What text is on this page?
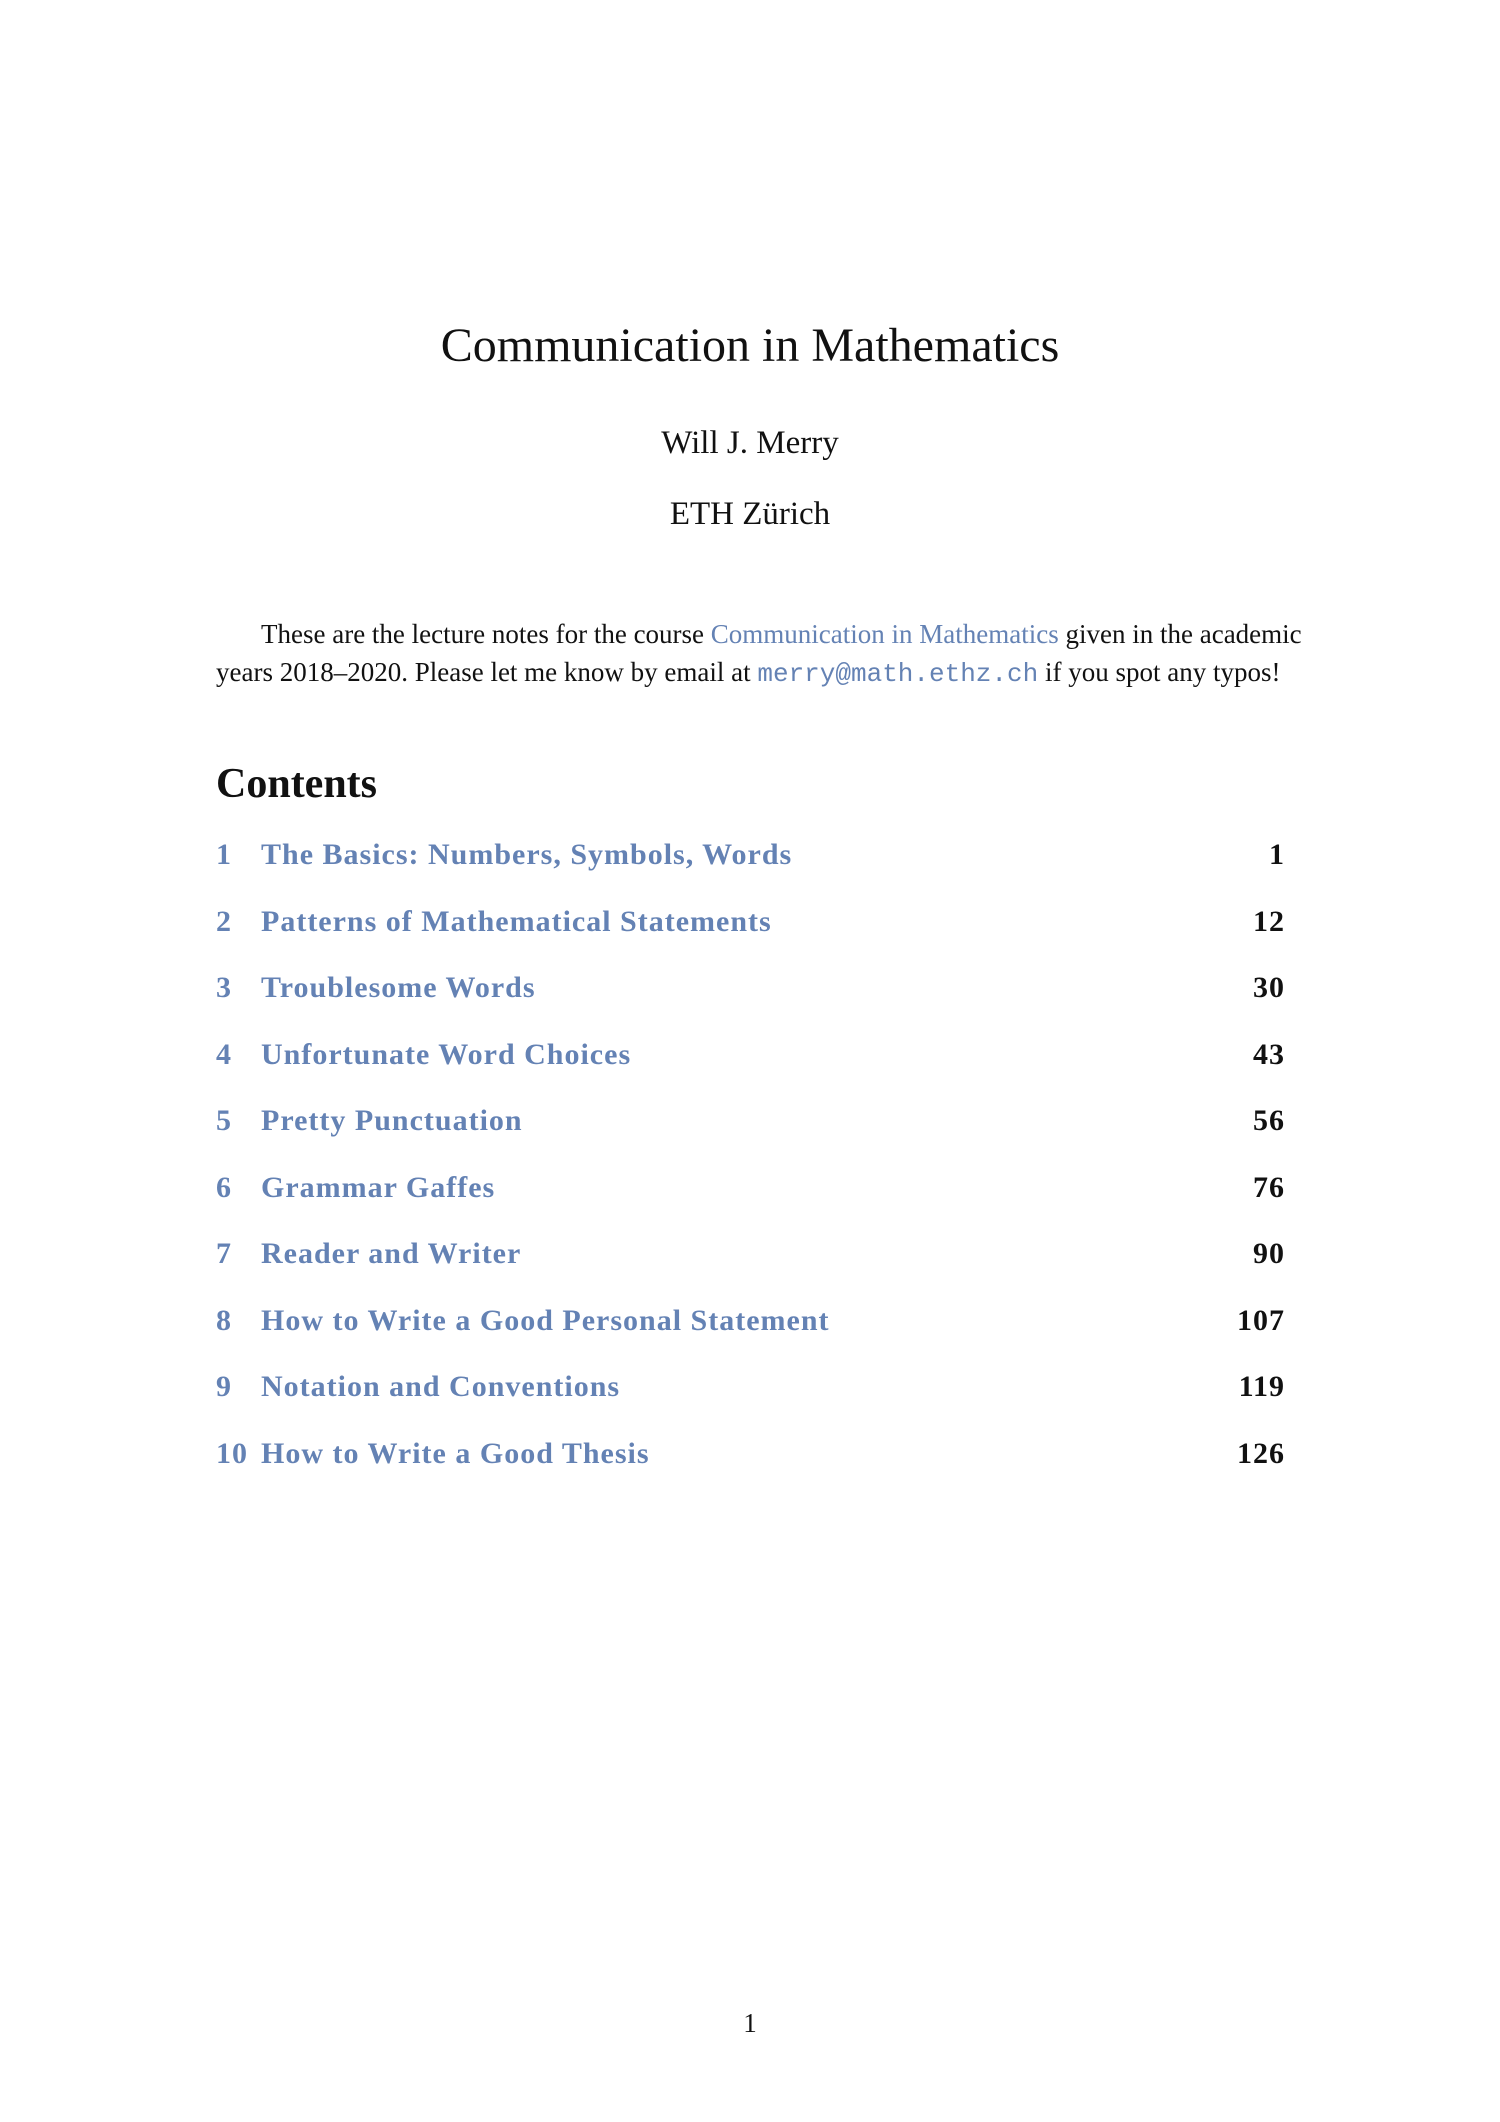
Communication in Mathematics
Will J. Merry
ETH Zürich
These are the lecture notes for the course Communication in Mathematics given in the academic years 2018–2020. Please let me know by email at merry@math.ethz.ch if you spot any typos!
Contents
1 The Basics: Numbers, Symbols, Words	1
2 Patterns of Mathematical Statements	12
3 Troublesome Words	30
4 Unfortunate Word Choices	43
5 Pretty Punctuation	56
6 Grammar Gaffes	76
7 Reader and Writer	90
8 How to Write a Good Personal Statement	107
9 Notation and Conventions	119
10 How to Write a Good Thesis	126
1
